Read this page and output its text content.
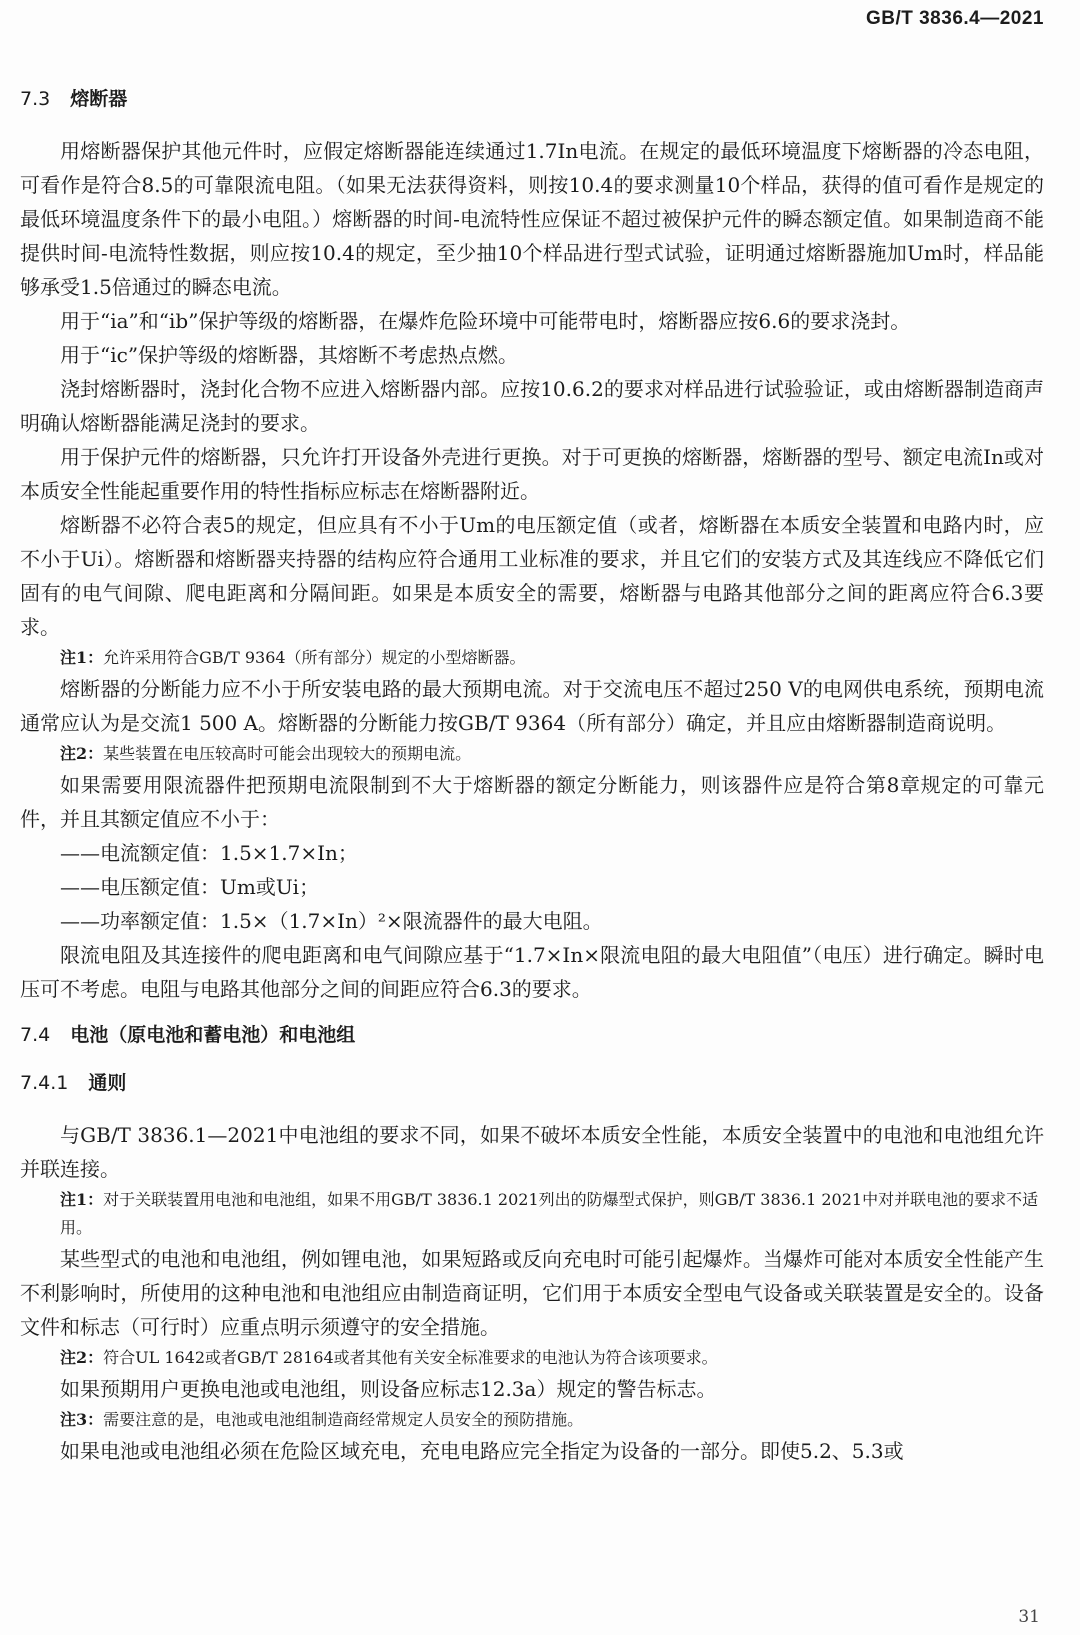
GB/T 3836.4—2021
7.3 熔断器

用熔断器保护其他元件时，应假定熔断器能连续通过1.7In电流。在规定的最低环境温度下熔断器的冷态电阻，可看作是符合8.5的可靠限流电阻。（如果无法获得资料，则按10.4的要求测量10个样品，获得的值可看作是规定的最低环境温度条件下的最小电阻。）熔断器的时间-电流特性应保证不超过被保护元件的瞬态额定值。如果制造商不能提供时间-电流特性数据，则应按10.4的规定，至少抽10个样品进行型式试验，证明通过熔断器施加Um时，样品能够承受1.5倍通过的瞬态电流。

用于“ia”和“ib”保护等级的熔断器，在爆炸危险环境中可能带电时，熔断器应按6.6的要求浇封。

用于“ic”保护等级的熔断器，其熔断不考虑热点燃。

浇封熔断器时，浇封化合物不应进入熔断器内部。应按10.6.2的要求对样品进行试验验证，或由熔断器制造商声明确认熔断器能满足浇封的要求。

用于保护元件的熔断器，只允许打开设备外壳进行更换。对于可更换的熔断器，熔断器的型号、额定电流In或对本质安全性能起重要作用的特性指标应标志在熔断器附近。

熔断器不必符合表5的规定，但应具有不小于Um的电压额定值（或者，熔断器在本质安全装置和电路内时，应不小于Ui）。熔断器和熔断器夹持器的结构应符合通用工业标准的要求，并且它们的安装方式及其连线应不降低它们固有的电气间隙、爬电距离和分隔间距。如果是本质安全的需要，熔断器与电路其他部分之间的距离应符合6.3要求。

注1：允许采用符合GB/T 9364（所有部分）规定的小型熔断器。

熔断器的分断能力应不小于所安装电路的最大预期电流。对于交流电压不超过250 V的电网供电系统，预期电流通常应认为是交流1 500 A。熔断器的分断能力按GB/T 9364（所有部分）确定，并且应由熔断器制造商说明。

注2：某些装置在电压较高时可能会出现较大的预期电流。

如果需要用限流器件把预期电流限制到不大于熔断器的额定分断能力，则该器件应是符合第8章规定的可靠元件，并且其额定值应不小于：

——电流额定值：1.5×1.7×In；

——电压额定值：Um或Ui；

——功率额定值：1.5×（1.7×In）²×限流器件的最大电阻。

限流电阻及其连接件的爬电距离和电气间隙应基于“1.7×In×限流电阻的最大电阻值”（电压）进行确定。瞬时电压可不考虑。电阻与电路其他部分之间的间距应符合6.3的要求。

7.4 电池（原电池和蓄电池）和电池组
7.4.1 通则

与GB/T 3836.1—2021中电池组的要求不同，如果不破坏本质安全性能，本质安全装置中的电池和电池组允许并联连接。

注1：对于关联装置用电池和电池组，如果不用GB/T 3836.1 2021列出的防爆型式保护，则GB/T 3836.1 2021中对并联电池的要求不适用。

某些型式的电池和电池组，例如锂电池，如果短路或反向充电时可能引起爆炸。当爆炸可能对本质安全性能产生不利影响时，所使用的这种电池和电池组应由制造商证明，它们用于本质安全型电气设备或关联装置是安全的。设备文件和标志（可行时）应重点明示须遵守的安全措施。

注2：符合UL 1642或者GB/T 28164或者其他有关安全标准要求的电池认为符合该项要求。

如果预期用户更换电池或电池组，则设备应标志12.3a）规定的警告标志。

注3：需要注意的是，电池或电池组制造商经常规定人员安全的预防措施。

如果电池或电池组必须在危险区域充电，充电电路应完全指定为设备的一部分。即使5.2、5.3或

31
